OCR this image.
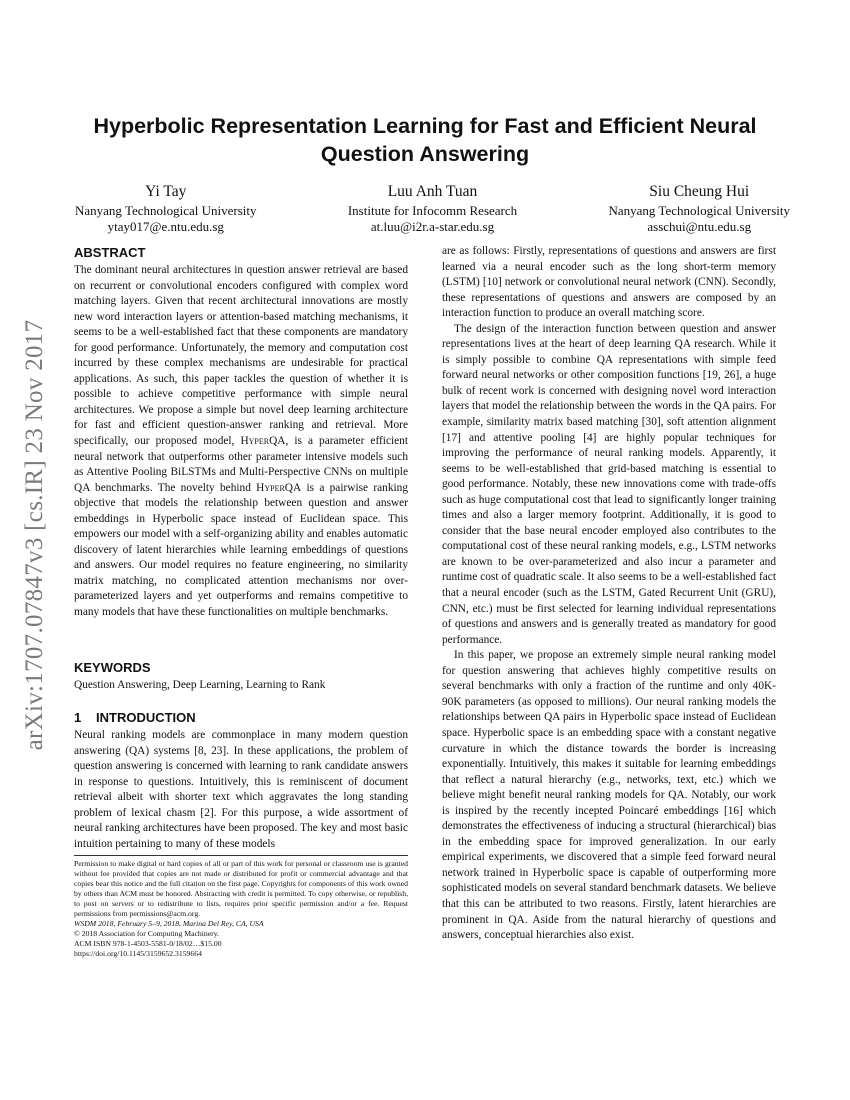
arXiv:1707.07847v3 [cs.IR] 23 Nov 2017
Hyperbolic Representation Learning for Fast and Efficient Neural Question Answering
Yi Tay
Nanyang Technological University
ytay017@e.ntu.edu.sg
Luu Anh Tuan
Institute for Infocomm Research
at.luu@i2r.a-star.edu.sg
Siu Cheung Hui
Nanyang Technological University
asschui@ntu.edu.sg
ABSTRACT

The dominant neural architectures in question answer retrieval are based on recurrent or convolutional encoders configured with complex word matching layers. Given that recent architectural innovations are mostly new word interaction layers or attention-based matching mechanisms, it seems to be a well-established fact that these components are mandatory for good performance. Unfortunately, the memory and computation cost incurred by these complex mechanisms are undesirable for practical applications. As such, this paper tackles the question of whether it is possible to achieve competitive performance with simple neural architectures. We propose a simple but novel deep learning architecture for fast and efficient question-answer ranking and retrieval. More specifically, our proposed model, HyperQA, is a parameter efficient neural network that outperforms other parameter intensive models such as Attentive Pooling BiLSTMs and Multi-Perspective CNNs on multiple QA benchmarks. The novelty behind HyperQA is a pairwise ranking objective that models the relationship between question and answer embeddings in Hyperbolic space instead of Euclidean space. This empowers our model with a self-organizing ability and enables automatic discovery of latent hierarchies while learning embeddings of questions and answers. Our model requires no feature engineering, no similarity matrix matching, no complicated attention mechanisms nor over-parameterized layers and yet outperforms and remains competitive to many models that have these functionalities on multiple benchmarks.

KEYWORDS

Question Answering, Deep Learning, Learning to Rank

1 INTRODUCTION

Neural ranking models are commonplace in many modern question answering (QA) systems [8, 23]. In these applications, the problem of question answering is concerned with learning to rank candidate answers in response to questions. Intuitively, this is reminiscent of document retrieval albeit with shorter text which aggravates the long standing problem of lexical chasm [2]. For this purpose, a wide assortment of neural ranking architectures have been proposed. The key and most basic intuition pertaining to many of these models

Permission to make digital or hard copies of all or part of this work for personal or classroom use is granted without fee provided that copies are not made or distributed for profit or commercial advantage and that copies bear this notice and the full citation on the first page. Copyrights for components of this work owned by others than ACM must be honored. Abstracting with credit is permitted. To copy otherwise, or republish, to post on servers or to redistribute to lists, requires prior specific permission and/or a fee. Request permissions from permissions@acm.org.

WSDM 2018, February 5–9, 2018, Marina Del Rey, CA, USA

© 2018 Association for Computing Machinery.

ACM ISBN 978-1-4503-5581-0/18/02…$15.00

https://doi.org/10.1145/3159652.3159664

are as follows: Firstly, representations of questions and answers are first learned via a neural encoder such as the long short-term memory (LSTM) [10] network or convolutional neural network (CNN). Secondly, these representations of questions and answers are composed by an interaction function to produce an overall matching score.

The design of the interaction function between question and answer representations lives at the heart of deep learning QA research. While it is simply possible to combine QA representations with simple feed forward neural networks or other composition functions [19, 26], a huge bulk of recent work is concerned with designing novel word interaction layers that model the relationship between the words in the QA pairs. For example, similarity matrix based matching [30], soft attention alignment [17] and attentive pooling [4] are highly popular techniques for improving the performance of neural ranking models. Apparently, it seems to be well-established that grid-based matching is essential to good performance. Notably, these new innovations come with trade-offs such as huge computational cost that lead to significantly longer training times and also a larger memory footprint. Additionally, it is good to consider that the base neural encoder employed also contributes to the computational cost of these neural ranking models, e.g., LSTM networks are known to be over-parameterized and also incur a parameter and runtime cost of quadratic scale. It also seems to be a well-established fact that a neural encoder (such as the LSTM, Gated Recurrent Unit (GRU), CNN, etc.) must be first selected for learning individual representations of questions and answers and is generally treated as mandatory for good performance.

In this paper, we propose an extremely simple neural ranking model for question answering that achieves highly competitive results on several benchmarks with only a fraction of the runtime and only 40K-90K parameters (as opposed to millions). Our neural ranking models the relationships between QA pairs in Hyperbolic space instead of Euclidean space. Hyperbolic space is an embedding space with a constant negative curvature in which the distance towards the border is increasing exponentially. Intuitively, this makes it suitable for learning embeddings that reflect a natural hierarchy (e.g., networks, text, etc.) which we believe might benefit neural ranking models for QA. Notably, our work is inspired by the recently incepted Poincaré embeddings [16] which demonstrates the effectiveness of inducing a structural (hierarchical) bias in the embedding space for improved generalization. In our early empirical experiments, we discovered that a simple feed forward neural network trained in Hyperbolic space is capable of outperforming more sophisticated models on several standard benchmark datasets. We believe that this can be attributed to two reasons. Firstly, latent hierarchies are prominent in QA. Aside from the natural hierarchy of questions and answers, conceptual hierarchies also exist.
